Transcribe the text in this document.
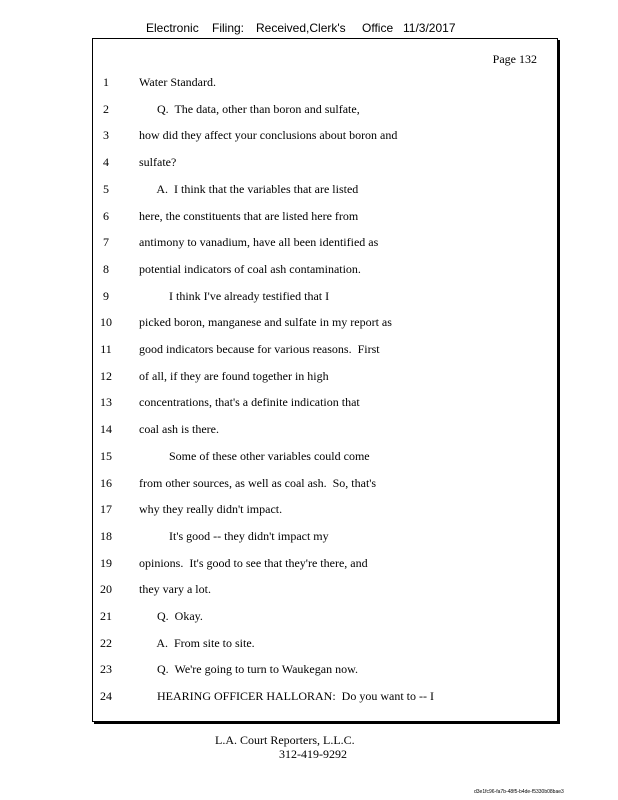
Electronic Filing: Received,Clerk's Office 11/3/2017
Page 132
1	Water Standard.
2	Q.  The data, other than boron and sulfate,
3	how did they affect your conclusions about boron and
4	sulfate?
5	A.  I think that the variables that are listed
6	here, the constituents that are listed here from
7	antimony to vanadium, have all been identified as
8	potential indicators of coal ash contamination.
9	I think I've already testified that I
10	picked boron, manganese and sulfate in my report as
11	good indicators because for various reasons.  First
12	of all, if they are found together in high
13	concentrations, that's a definite indication that
14	coal ash is there.
15	Some of these other variables could come
16	from other sources, as well as coal ash.  So, that's
17	why they really didn't impact.
18	It's good -- they didn't impact my
19	opinions.  It's good to see that they're there, and
20	they vary a lot.
21	Q.  Okay.
22	A.  From site to site.
23	Q.  We're going to turn to Waukegan now.
24	HEARING OFFICER HALLORAN:  Do you want to -- I
L.A. Court Reporters, L.L.C.
312-419-9292
d3e1fc96-fa7b-48f5-b4de-f5330b08bae3
